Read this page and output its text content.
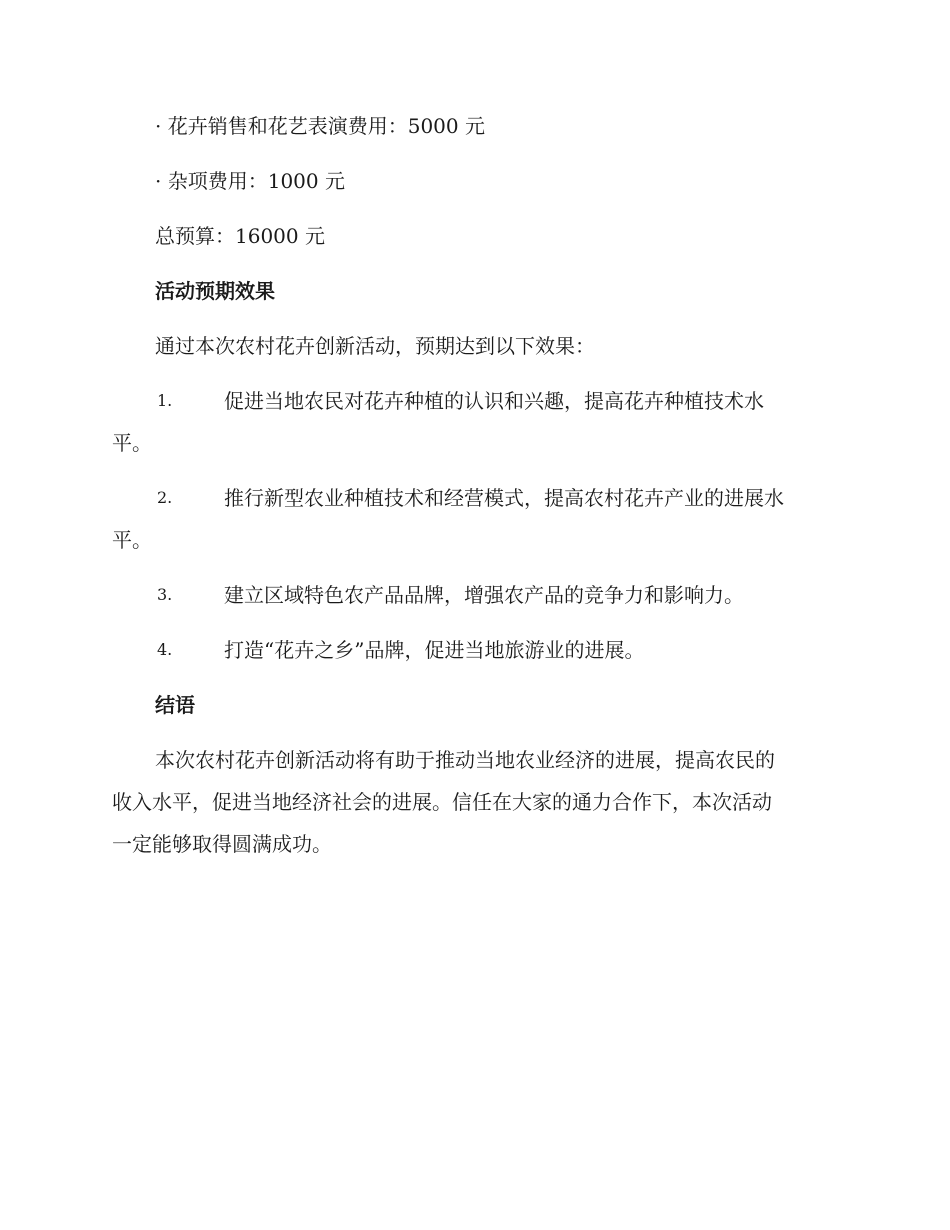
· 花卉销售和花艺表演费用：5000 元
· 杂项费用：1000 元
总预算：16000 元
活动预期效果
通过本次农村花卉创新活动，预期达到以下效果：
1.	促进当地农民对花卉种植的认识和兴趣，提高花卉种植技术水
平。
2.	推行新型农业种植技术和经营模式，提高农村花卉产业的进展水
平。
3.	建立区域特色农产品品牌，增强农产品的竞争力和影响力。
4.	打造“花卉之乡”品牌，促进当地旅游业的进展。
结语
本次农村花卉创新活动将有助于推动当地农业经济的进展，提高农民的
收入水平，促进当地经济社会的进展。信任在大家的通力合作下，本次活动
一定能够取得圆满成功。
